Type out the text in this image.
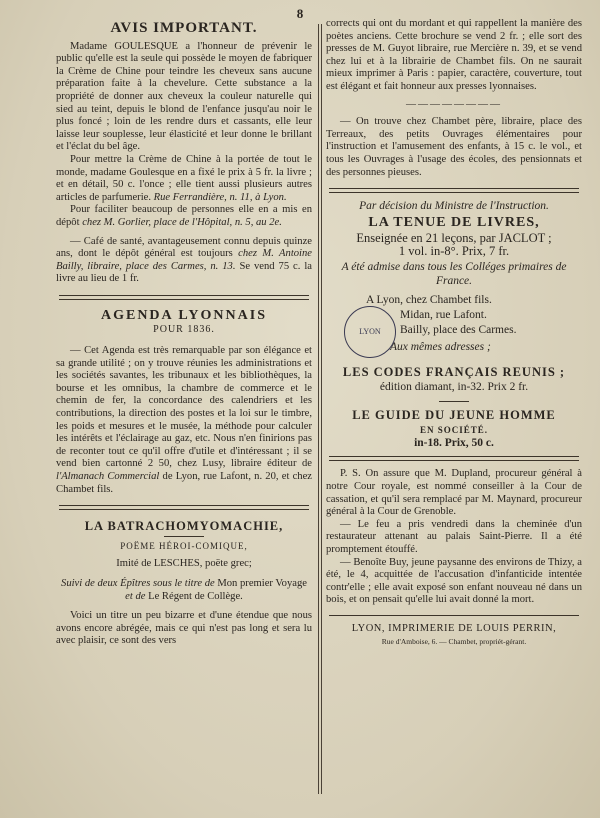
8
AVIS IMPORTANT.

Madame GOULESQUE a l'honneur de prévenir le public qu'elle est la seule qui possède le moyen de fabriquer la Crème de Chine pour teindre les cheveux sans aucune préparation faite à la chevelure. Cette substance a la propriété de donner aux cheveux la couleur naturelle qui sied au teint, depuis le blond de l'enfance jusqu'au noir le plus foncé ; loin de les rendre durs et cassants, elle leur laisse leur souplesse, leur élasticité et leur donne le brillant et l'éclat du bel âge.

Pour mettre la Crème de Chine à la portée de tout le monde, madame Goulesque en a fixé le prix à 5 fr. la livre ; et en détail, 50 c. l'once ; elle tient aussi plusieurs autres articles de parfumerie. Rue Ferrandière, n. 11, à Lyon.

Pour faciliter beaucoup de personnes elle en a mis en dépôt chez M. Gorlier, place de l'Hôpital, n. 5, au 2e.

— Café de santé, avantageusement connu depuis quinze ans, dont le dépôt général est toujours chez M. Antoine Bailly, libraire, place des Carmes, n. 13. Se vend 75 c. la livre au lieu de 1 fr.

AGENDA LYONNAIS
POUR 1836.

— Cet Agenda est très remarquable par son élégance et sa grande utilité ; on y trouve réunies les administrations et les sociétés savantes, les tribunaux et les bibliothèques, la bourse et les omnibus, la chambre de commerce et le chemin de fer, la concordance des calendriers et les contributions, la direction des postes et la loi sur le timbre, les poids et mesures et le musée, la méthode pour calculer les intérêts et l'éclairage au gaz, etc. Nous n'en finirions pas de reconter tout ce qu'il offre d'utile et d'intéressant ; il se vend bien cartonné 2 50, chez Lusy, libraire éditeur de l'Almanach Commercial de Lyon, rue Lafont, n. 20, et chez Chambet fils.

LA BATRACHOMYOMACHIE,
POËME HÉROI-COMIQUE,
Imité de LESCHES, poëte grec;

Suivi de deux Épîtres sous le titre de Mon premier Voyage et de Le Régent de Collège.

Voici un titre un peu bizarre et d'une étendue que nous avons encore abrégée, mais ce qui n'est pas long et sera lu avec plaisir, ce sont des vers

corrects qui ont du mordant et qui rappellent la manière des poètes anciens. Cette brochure se vend 2 fr. ; elle sort des presses de M. Guyot libraire, rue Mercière n. 39, et se vend chez lui et à la librairie de Chambet fils. On ne saurait mieux imprimer à Paris : papier, caractère, couverture, tout est élégant et fait honneur aux presses lyonnaises.

――――――――

— On trouve chez Chambet père, libraire, place des Terreaux, des petits Ouvrages élémentaires pour l'instruction et l'amusement des enfants, à 15 c. le vol., et tous les Ouvrages à l'usage des écoles, des pensionnats et des personnes pieuses.

Par décision du Ministre de l'Instruction.
LA TENUE DE LIVRES,
Enseignée en 21 leçons, par JACLOT ;
1 vol. in-8°. Prix, 7 fr.
A été admise dans tous les Colléges primaires de France.
A Lyon, chez Chambet fils.
LYON
Midan, rue Lafont.
Bailly, place des Carmes.
Aux mêmes adresses ;
LES CODES FRANÇAIS REUNIS ;
édition diamant, in-32. Prix 2 fr.
LE GUIDE DU JEUNE HOMME
EN SOCIÉTÉ.
in-18. Prix, 50 c.

P. S. On assure que M. Dupland, procureur général à notre Cour royale, est nommé conseiller à la Cour de cassation, et qu'il sera remplacé par M. Maynard, procureur général à la Cour de Grenoble.

— Le feu a pris vendredi dans la cheminée d'un restaurateur attenant au palais Saint-Pierre. Il a été promptement étouffé.

— Benoîte Buy, jeune paysanne des environs de Thizy, a été, le 4, acquittée de l'accusation d'infanticide intentée contr'elle ; elle avait exposé son enfant nouveau né dans un bois, et on pensait qu'elle lui avait donné la mort.

LYON, IMPRIMERIE DE LOUIS PERRIN,
Rue d'Amboise, 6. — Chambet, propriét-gérant.
